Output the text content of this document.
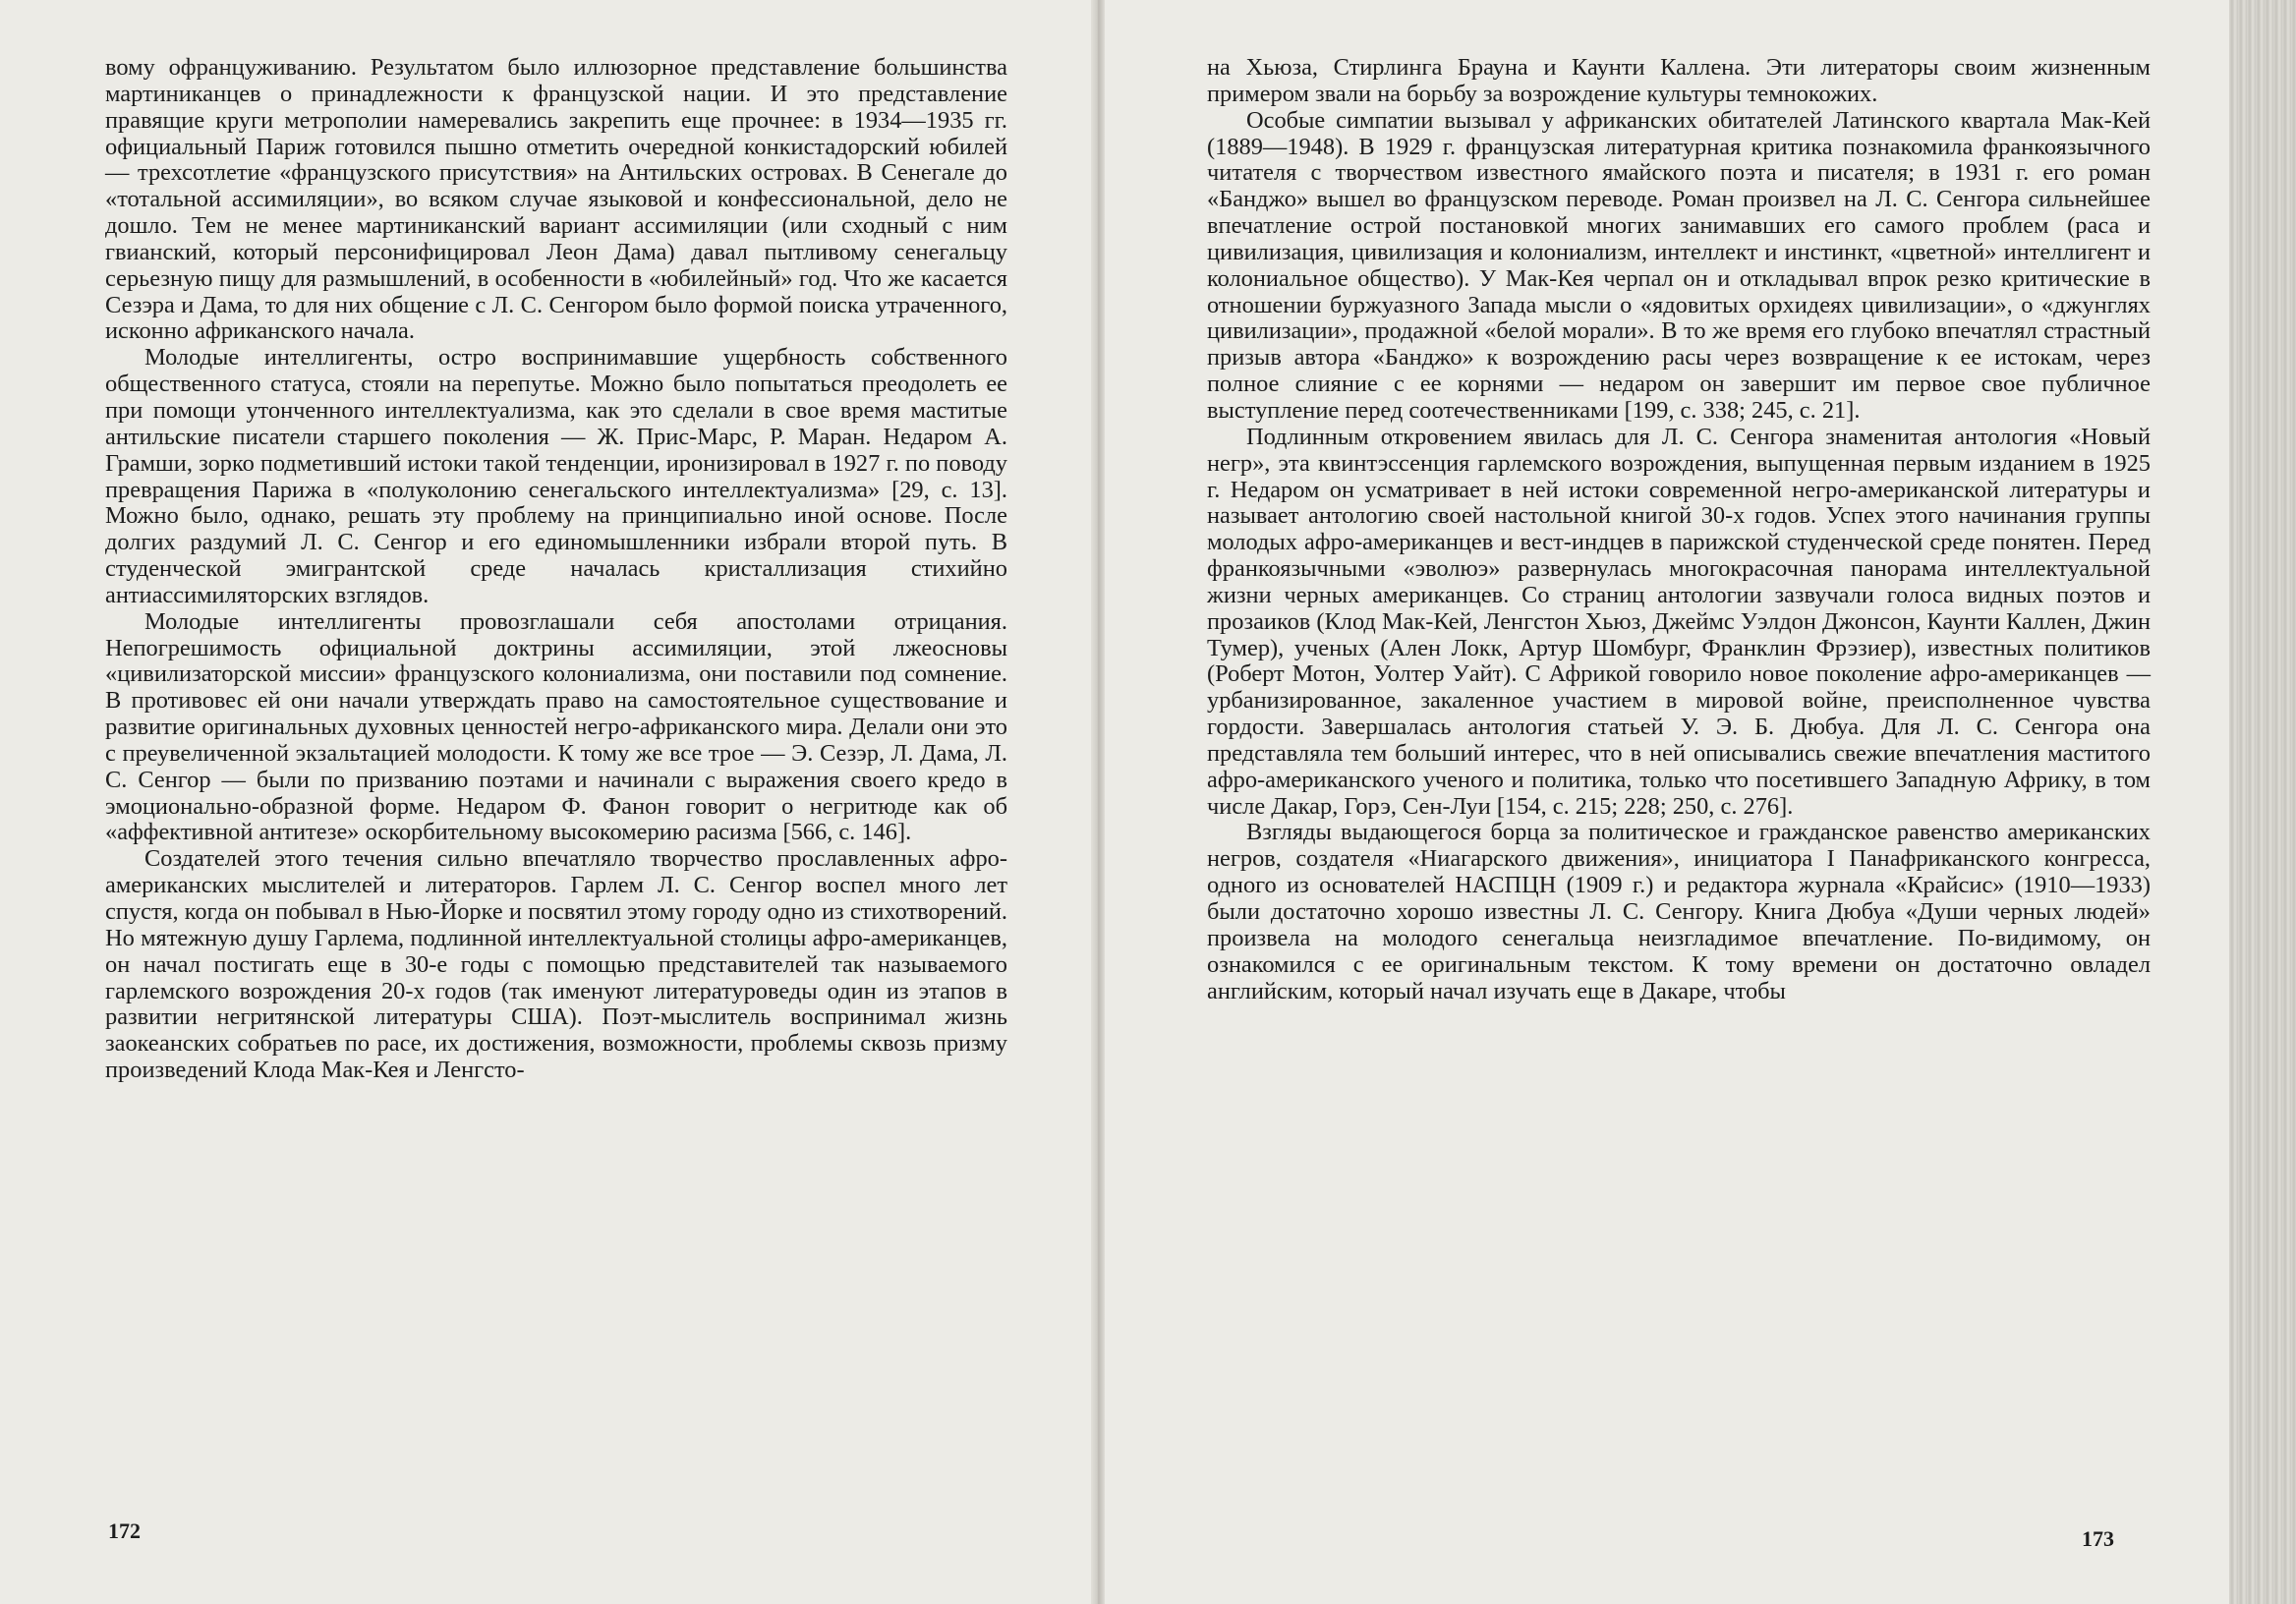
вому офранцуживанию. Результатом было иллюзорное представление большинства мартиниканцев о принадлежности к французской нации. И это представление правящие круги метрополии намеревались закрепить еще прочнее: в 1934—1935 гг. официальный Париж готовился пышно отметить очередной конкистадорский юбилей — трехсотлетие «французского присутствия» на Антильских островах. В Сенегале до «тотальной ассимиляции», во всяком случае языковой и конфессиональной, дело не дошло. Тем не менее мартиниканский вариант ассимиляции (или сходный с ним гвианский, который персонифицировал Леон Дама) давал пытливому сенегальцу серьезную пищу для размышлений, в особенности в «юбилейный» год. Что же касается Сезэра и Дама, то для них общение с Л. С. Сенгором было формой поиска утраченного, исконно африканского начала.

Молодые интеллигенты, остро воспринимавшие ущербность собственного общественного статуса, стояли на перепутье. Можно было попытаться преодолеть ее при помощи утонченного интеллектуализма, как это сделали в свое время маститые антильские писатели старшего поколения — Ж. Прис-Марс, Р. Маран. Недаром А. Грамши, зорко подметивший истоки такой тенденции, иронизировал в 1927 г. по поводу превращения Парижа в «полуколонию сенегальского интеллектуализма» [29, с. 13]. Можно было, однако, решать эту проблему на принципиально иной основе. После долгих раздумий Л. С. Сенгор и его единомышленники избрали второй путь. В студенческой эмигрантской среде началась кристаллизация стихийно антиассимиляторских взглядов.

Молодые интеллигенты провозглашали себя апостолами отрицания. Непогрешимость официальной доктрины ассимиляции, этой лжеосновы «цивилизаторской миссии» французского колониализма, они поставили под сомнение. В противовес ей они начали утверждать право на самостоятельное существование и развитие оригинальных духовных ценностей негро-африканского мира. Делали они это с преувеличенной экзальтацией молодости. К тому же все трое — Э. Сезэр, Л. Дама, Л. С. Сенгор — были по призванию поэтами и начинали с выражения своего кредо в эмоционально-образной форме. Недаром Ф. Фанон говорит о негритюде как об «аффективной антитезе» оскорбительному высокомерию расизма [566, с. 146].

Создателей этого течения сильно впечатляло творчество прославленных афро-американских мыслителей и литераторов. Гарлем Л. С. Сенгор воспел много лет спустя, когда он побывал в Нью-Йорке и посвятил этому городу одно из стихотворений. Но мятежную душу Гарлема, подлинной интеллектуальной столицы афро-американцев, он начал постигать еще в 30-е годы с помощью представителей так называемого гарлемского возрождения 20-х годов (так именуют литературоведы один из этапов в развитии негритянской литературы США). Поэт-мыслитель воспринимал жизнь заокеанских собратьев по расе, их достижения, возможности, проблемы сквозь призму произведений Клода Мак-Кея и Ленгсто-

172

на Хьюза, Стирлинга Брауна и Каунти Каллена. Эти литераторы своим жизненным примером звали на борьбу за возрождение культуры темнокожих.

Особые симпатии вызывал у африканских обитателей Латинского квартала Мак-Кей (1889—1948). В 1929 г. французская литературная критика познакомила франкоязычного читателя с творчеством известного ямайского поэта и писателя; в 1931 г. его роман «Банджо» вышел во французском переводе. Роман произвел на Л. С. Сенгора сильнейшее впечатление острой постановкой многих занимавших его самого проблем (раса и цивилизация, цивилизация и колониализм, интеллект и инстинкт, «цветной» интеллигент и колониальное общество). У Мак-Кея черпал он и откладывал впрок резко критические в отношении буржуазного Запада мысли о «ядовитых орхидеях цивилизации», о «джунглях цивилизации», продажной «белой морали». В то же время его глубоко впечатлял страстный призыв автора «Банджо» к возрождению расы через возвращение к ее истокам, через полное слияние с ее корнями — недаром он завершит им первое свое публичное выступление перед соотечественниками [199, с. 338; 245, с. 21].

Подлинным откровением явилась для Л. С. Сенгора знаменитая антология «Новый негр», эта квинтэссенция гарлемского возрождения, выпущенная первым изданием в 1925 г. Недаром он усматривает в ней истоки современной негро-американской литературы и называет антологию своей настольной книгой 30-х годов. Успех этого начинания группы молодых афро-американцев и вест-индцев в парижской студенческой среде понятен. Перед франкоязычными «эволюэ» развернулась многокрасочная панорама интеллектуальной жизни черных американцев. Со страниц антологии зазвучали голоса видных поэтов и прозаиков (Клод Мак-Кей, Ленгстон Хьюз, Джеймс Уэлдон Джонсон, Каунти Каллен, Джин Тумер), ученых (Ален Локк, Артур Шомбург, Франклин Фрэзиер), известных политиков (Роберт Мотон, Уолтер Уайт). С Африкой говорило новое поколение афро-американцев — урбанизированное, закаленное участием в мировой войне, преисполненное чувства гордости. Завершалась антология статьей У. Э. Б. Дюбуа. Для Л. С. Сенгора она представляла тем больший интерес, что в ней описывались свежие впечатления маститого афро-американского ученого и политика, только что посетившего Западную Африку, в том числе Дакар, Горэ, Сен-Луи [154, с. 215; 228; 250, с. 276].

Взгляды выдающегося борца за политическое и гражданское равенство американских негров, создателя «Ниагарского движения», инициатора I Панафриканского конгресса, одного из основателей НАСПЦН (1909 г.) и редактора журнала «Крайсис» (1910—1933) были достаточно хорошо известны Л. С. Сенгору. Книга Дюбуа «Души черных людей» произвела на молодого сенегальца неизгладимое впечатление. По-видимому, он ознакомился с ее оригинальным текстом. К тому времени он достаточно овладел английским, который начал изучать еще в Дакаре, чтобы

173
